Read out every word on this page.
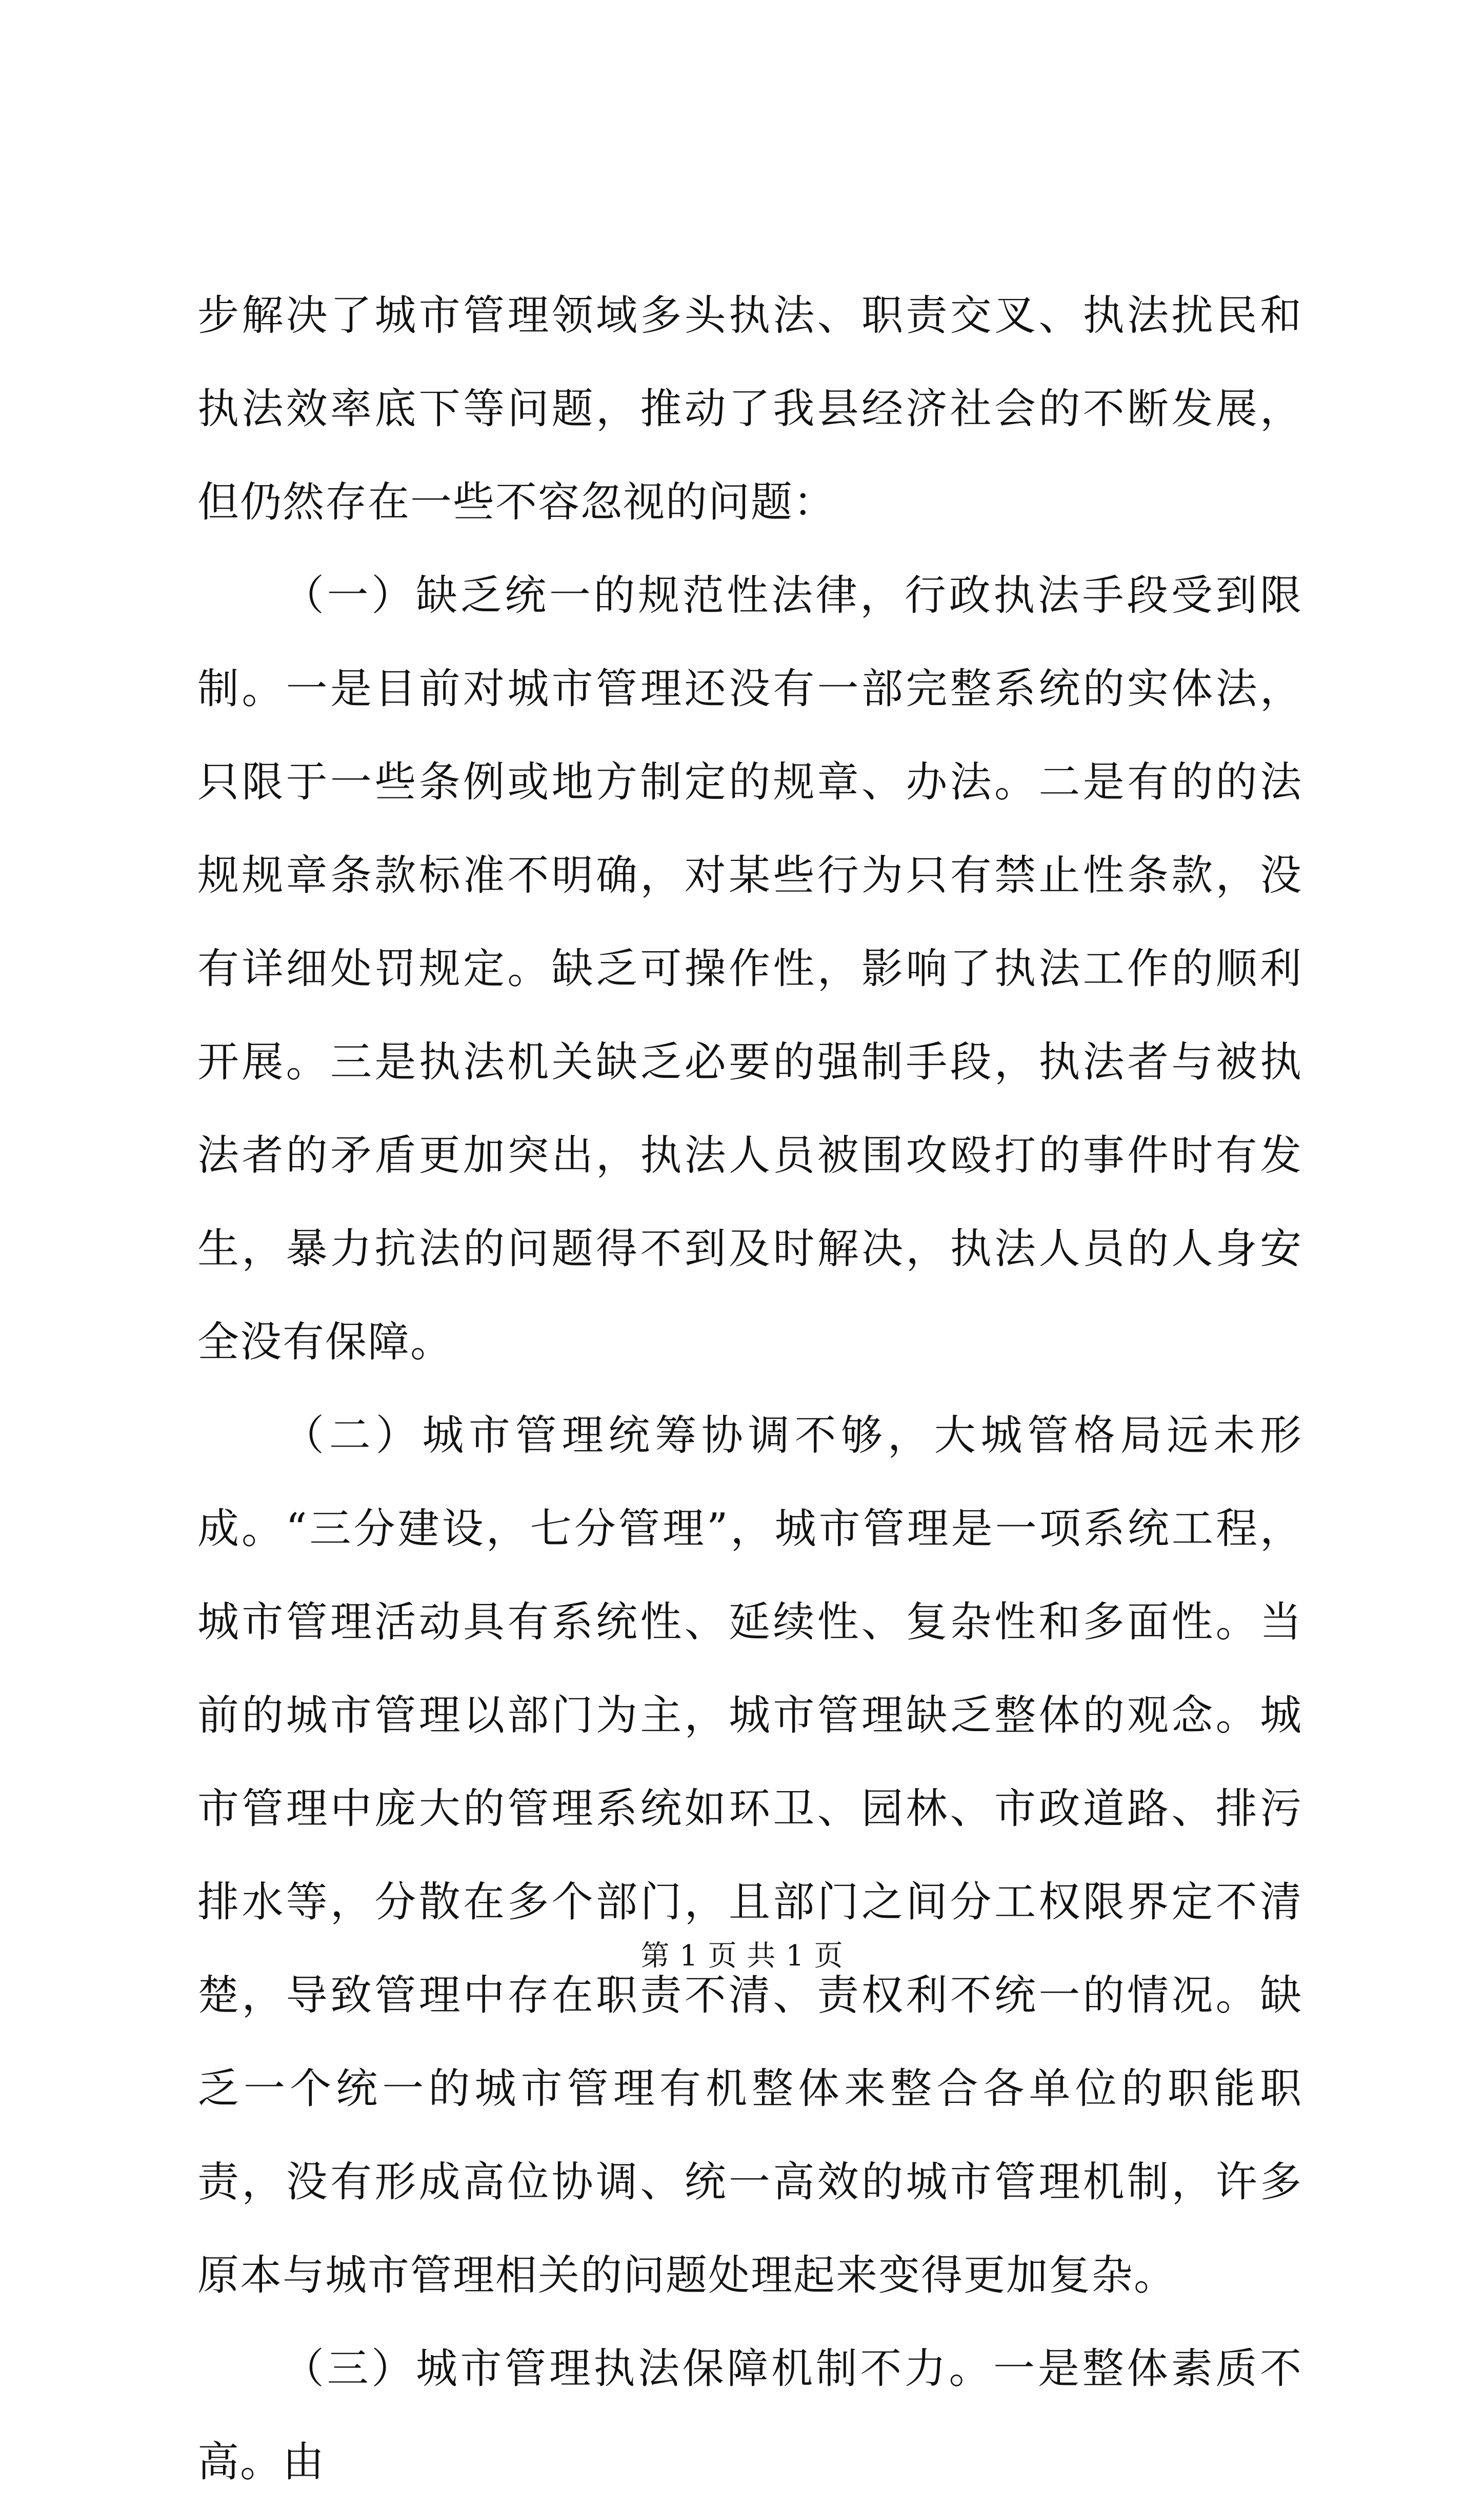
步解决了城市管理领域多头执法、职责交叉、执法扰民和执法效率底下等问题，推动了我县经济社会的不断发展，但仍然存在一些不容忽视的问题：

（一）缺乏统一的规范性法律，行政执法手段受到限制。一是目前对城市管理还没有一部完整系统的实体法，只限于一些条例或地方制定的规章、办法。二是有的的法规规章条款标准不明确，对某些行为只有禁止性条款，没有详细处罚规定。缺乏可操作性，影响了执法工作的顺利开展。三是执法机关缺乏必要的强制手段，执法者与被执法者的矛盾更加突出，执法人员被围攻殴打的事件时有发生，暴力抗法的问题得不到及时解决，执法人员的人身安全没有保障。

（二）城市管理统筹协调不够，大城管格局远未形成。“三分建设，七分管理”，城市管理是一项系统工程，城市管理活动具有系统性、延续性、复杂性和多面性。当前的城市管理以部门为主，城市管理缺乏整体的观念。城市管理中庞大的管理系统如环卫、园林、市政道路、排污排水等，分散在多个部门，且部门之间分工权限界定不清楚，导致管理中存在职责不清、责权利不统一的情况。缺乏一个统一的城市管理有机整体来整合各单位的职能职责，没有形成高位协调、统一高效的城市管理机制，许多原本与城市管理相关的问题处理起来变得更加复杂。

（三）城市管理执法保障机制不力。一是整体素质不高。由

第 1 页 共 1 页
